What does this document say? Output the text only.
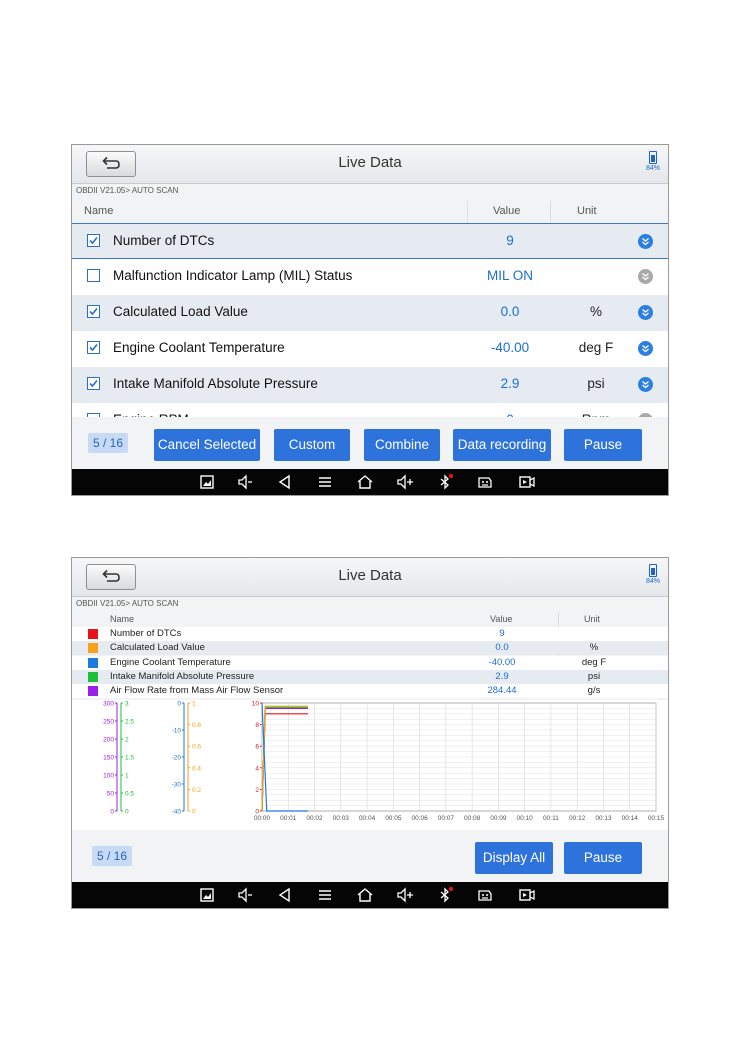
Live Data	84%
OBDII V21.05> AUTO SCAN
Name	Value	Unit
Number of DTCs	9
Malfunction Indicator Lamp (MIL) Status	MIL ON
Calculated Load Value	0.0	%
Engine Coolant Temperature	-40.00	deg F
Intake Manifold Absolute Pressure	2.9	psi
5 / 16	Cancel Selected	Custom	Combine	Data recording	Pause
Live Data	84%
OBDII V21.05> AUTO SCAN
Name	Value	Unit
Number of DTCs	9
Calculated Load Value	0.0	%
Engine Coolant Temperature	-40.00	deg F
Intake Manifold Absolute Pressure	2.9	psi
Air Flow Rate from Mass Air Flow Sensor	284.44	g/s
300
250
200
150
100
50
0
3
2.5
2
1.5
1
0.5
0
0
-10
-20
-30
-40
1
0.8
0.6
0.4
0.2
0
10
8
6
4
2
0
00:00 00:01 00:02 00:03 00:04 00:05 00:06 00:07 00:08 00:09 00:10 00:11 00:12 00:13 00:14 00:15
5 / 16	Display All	Pause
